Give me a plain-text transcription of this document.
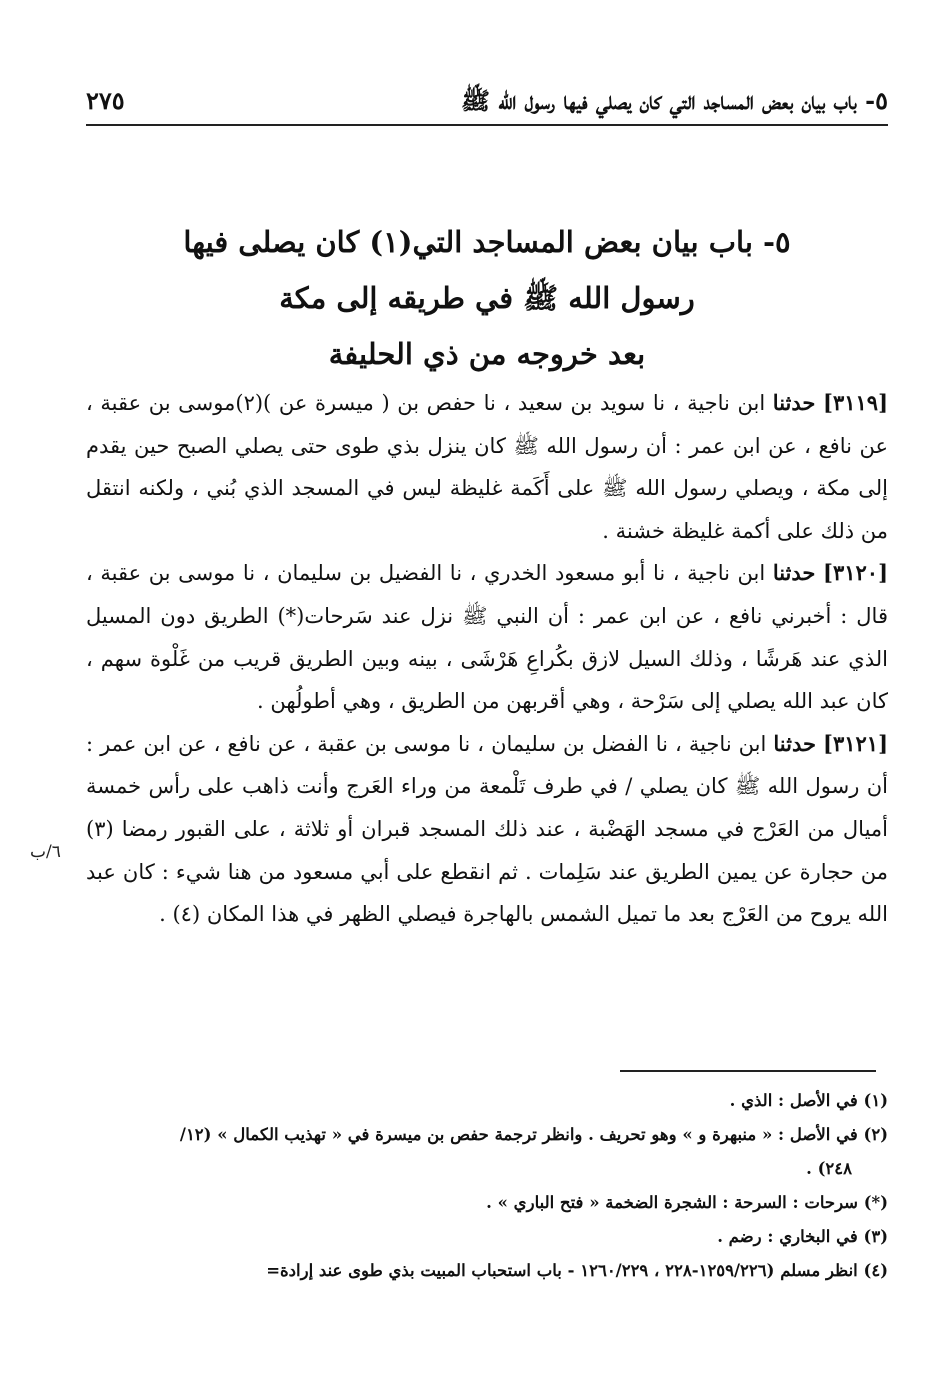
٥- باب بيان بعض المساجد التي كان يصلي فيها رسول الله ﷺ
٢٧٥
٥- باب بيان بعض المساجد التي(١) كان يصلى فيها
رسول الله ﷺ في طريقه إلى مكة
بعد خروجه من ذي الحليفة

[٣١١٩] حدثنا ابن ناجية ، نا سويد بن سعيد ، نا حفص بن ( ميسرة عن )(٢)موسى بن عقبة ، عن نافع ، عن ابن عمر : أن رسول الله ﷺ كان ينزل بذي طوى حتى يصلي الصبح حين يقدم إلى مكة ، ويصلي رسول الله ﷺ على أَكَمة غليظة ليس في المسجد الذي بُني ، ولكنه انتقل من ذلك على أكمة غليظة خشنة .

[٣١٢٠] حدثنا ابن ناجية ، نا أبو مسعود الخدري ، نا الفضيل بن سليمان ، نا موسى بن عقبة ، قال : أخبرني نافع ، عن ابن عمر : أن النبي ﷺ نزل عند سَرحات(*) الطريق دون المسيل الذي عند هَرشًا ، وذلك السيل لازق بكُراعِ هَرْشَى ، بينه وبين الطريق قريب من غَلْوة سهم ، كان عبد الله يصلي إلى سَرْحة ، وهي أقربهن من الطريق ، وهي أطولُهن .

[٣١٢١] حدثنا ابن ناجية ، نا الفضل بن سليمان ، نا موسى بن عقبة ، عن نافع ، عن ابن عمر : أن رسول الله ﷺ كان يصلي / في طرف تَلْمعة من وراء العَرج وأنت ذاهب على رأس خمسة أميال من العَرْج في مسجد الهَضْبة ، عند ذلك المسجد قبران أو ثلاثة ، على القبور رمضا (٣) من حجارة عن يمين الطريق عند سَلِمات . ثم انقطع على أبي مسعود من هنا شيء : كان عبد الله يروح من العَرْج بعد ما تميل الشمس بالهاجرة فيصلي الظهر في هذا المكان (٤) .

٦/ب

(١) في الأصل : الذي .

(٢) في الأصل : « منبهرة و » وهو تحريف . وانظر ترجمة حفص بن ميسرة في « تهذيب الكمال » (١٢/

٢٤٨) .

(*) سرحات : السرحة : الشجرة الضخمة « فتح الباري » .

(٣) في البخاري : رضم .

(٤) انظر مسلم (١٢٥٩/٢٢٦-٢٢٨ ، ١٢٦٠/٢٢٩ - باب استحباب المبيت بذي طوى عند إرادة=
